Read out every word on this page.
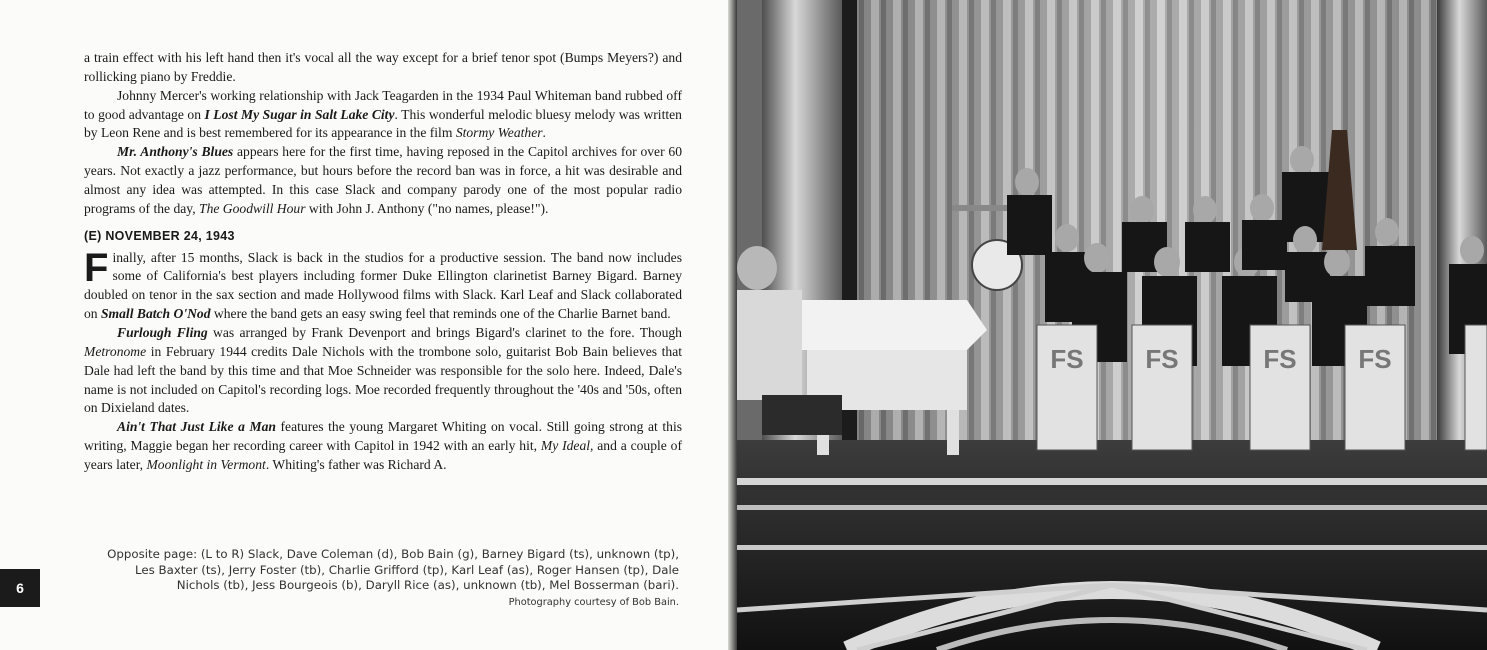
a train effect with his left hand then it's vocal all the way except for a brief tenor spot (Bumps Meyers?) and rollicking piano by Freddie.

Johnny Mercer's working relationship with Jack Teagarden in the 1934 Paul Whiteman band rubbed off to good advantage on I Lost My Sugar in Salt Lake City. This wonderful melodic bluesy melody was written by Leon Rene and is best remembered for its appearance in the film Stormy Weather.

Mr. Anthony's Blues appears here for the first time, having reposed in the Capitol archives for over 60 years. Not exactly a jazz performance, but hours before the record ban was in force, a hit was desirable and almost any idea was attempted. In this case Slack and company parody one of the most popular radio programs of the day, The Goodwill Hour with John J. Anthony ("no names, please!").

(E) NOVEMBER 24, 1943

Finally, after 15 months, Slack is back in the studios for a productive session. The band now includes some of California's best players including former Duke Ellington clarinetist Barney Bigard. Barney doubled on tenor in the sax section and made Hollywood films with Slack. Karl Leaf and Slack collaborated on Small Batch O'Nod where the band gets an easy swing feel that reminds one of the Charlie Barnet band.

Furlough Fling was arranged by Frank Devenport and brings Bigard's clarinet to the fore. Though Metronome in February 1944 credits Dale Nichols with the trombone solo, guitarist Bob Bain believes that Dale had left the band by this time and that Moe Schneider was responsible for the solo here. Indeed, Dale's name is not included on Capitol's recording logs. Moe recorded frequently throughout the '40s and '50s, often on Dixieland dates.

Ain't That Just Like a Man features the young Margaret Whiting on vocal. Still going strong at this writing, Maggie began her recording career with Capitol in 1942 with an early hit, My Ideal, and a couple of years later, Moonlight in Vermont. Whiting's father was Richard A.

Opposite page: (L to R) Slack, Dave Coleman (d), Bob Bain (g), Barney Bigard (ts), unknown (tp), Les Baxter (ts), Jerry Foster (tb), Charlie Grifford (tp), Karl Leaf (as), Roger Hansen (tp), Dale Nichols (tb), Jess Bourgeois (b), Daryll Rice (as), unknown (tb), Mel Bosserman (bari).
Photography courtesy of Bob Bain.
6
FS FS	FS FS
